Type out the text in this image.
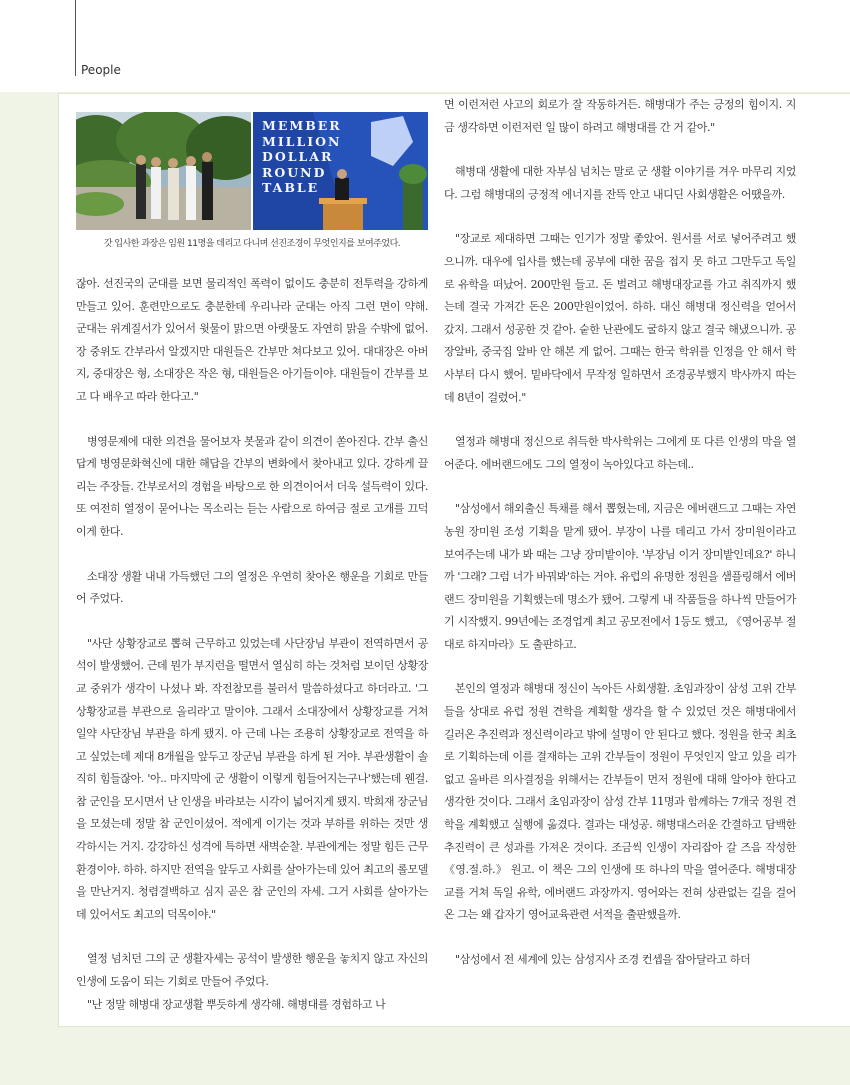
People
MEMBER
MILLION
DOLLAR
ROUND
TABLE
갓 입사한 과장은 임원 11명을 데리고 다니며 선진조경이 무엇인지를 보여주었다.

잖아. 선진국의 군대를 보면 물리적인 폭력이 없이도 충분히 전투력을 강하게 만들고 있어. 훈련만으로도 충분한데 우리나라 군대는 아직 그런 면이 약해. 군대는 위계질서가 있어서 윗물이 맑으면 아랫물도 자연히 맑을 수밖에 없어. 장 중위도 간부라서 알겠지만 대원들은 간부만 쳐다보고 있어. 대대장은 아버지, 중대장은 형, 소대장은 작은 형, 대원들은 아기들이야. 대원들이 간부를 보고 다 배우고 따라 한다고."

병영문제에 대한 의견을 물어보자 봇물과 같이 의견이 쏟아진다. 간부 출신답게 병영문화혁신에 대한 해답을 간부의 변화에서 찾아내고 있다. 강하게 끌리는 주장들. 간부로서의 경험을 바탕으로 한 의견이어서 더욱 설득력이 있다. 또 여전히 열정이 묻어나는 목소리는 듣는 사람으로 하여금 절로 고개를 끄덕이게 한다.

소대장 생활 내내 가득했던 그의 열정은 우연히 찾아온 행운을 기회로 만들어 주었다.

"사단 상황장교로 뽑혀 근무하고 있었는데 사단장님 부관이 전역하면서 공석이 발생했어. 근데 뭔가 부지런을 떨면서 열심히 하는 것처럼 보이던 상황장교 중위가 생각이 나셨나 봐. 작전참모를 불러서 말씀하셨다고 하더라고. '그 상황장교를 부관으로 올리라'고 말이야. 그래서 소대장에서 상황장교를 거쳐 일약 사단장님 부관을 하게 됐지. 아 근데 나는 조용히 상황장교로 전역을 하고 싶었는데 제대 8개월을 앞두고 장군님 부관을 하게 된 거야. 부관생활이 솔직히 힘들잖아. '아.. 마지막에 군 생활이 이렇게 힘들어지는구나'했는데 웬걸. 참 군인을 모시면서 난 인생을 바라보는 시각이 넓어지게 됐지. 박희재 장군님을 모셨는데 정말 참 군인이셨어. 적에게 이기는 것과 부하를 위하는 것만 생각하시는 거지. 강강하신 성격에 특하면 새벽순찰. 부관에게는 정말 힘든 근무환경이야. 하하. 하지만 전역을 앞두고 사회를 살아가는데 있어 최고의 롤모델을 만난거지. 청렴결백하고 심지 곧은 참 군인의 자세. 그거 사회를 살아가는데 있어서도 최고의 덕목이야."

열정 넘치던 그의 군 생활자세는 공석이 발생한 행운을 놓치지 않고 자신의 인생에 도움이 되는 기회로 만들어 주었다.

"난 정말 해병대 장교생활 뿌듯하게 생각해. 해병대를 경험하고 나

면 이런저런 사고의 회로가 잘 작동하거든. 해병대가 주는 긍정의 힘이지. 지금 생각하면 이런저런 일 많이 하려고 해병대를 간 거 같아."

해병대 생활에 대한 자부심 넘치는 말로 군 생활 이야기를 겨우 마무리 지었다. 그럼 해병대의 긍정적 에너지를 잔뜩 안고 내디딘 사회생활은 어땠을까.

"장교로 제대하면 그때는 인기가 정말 좋았어. 원서를 서로 넣어주려고 했으니까. 대우에 입사를 했는데 공부에 대한 꿈을 접지 못 하고 그만두고 독일로 유학을 떠났어. 200만원 들고. 돈 벌려고 해병대장교를 가고 취직까지 했는데 결국 가져간 돈은 200만원이었어. 하하. 대신 해병대 정신력을 얻어서 갔지. 그래서 성공한 것 같아. 숱한 난관에도 굴하지 않고 결국 해냈으니까. 공장알바, 중국집 알바 안 해본 게 없어. 그때는 한국 학위를 인정을 안 해서 학사부터 다시 했어. 밑바닥에서 무작정 일하면서 조경공부했지 박사까지 따는 데 8년이 걸렸어."

열정과 해병대 정신으로 취득한 박사학위는 그에게 또 다른 인생의 막을 열어준다. 에버랜드에도 그의 열정이 녹아있다고 하는데..

"삼성에서 해외출신 특채를 해서 뽑혔는데, 지금은 에버랜드고 그때는 자연농원 장미원 조성 기획을 맡게 됐어. 부장이 나를 데리고 가서 장미원이라고 보여주는데 내가 봐 때는 그냥 장미밭이야. '부장님 이거 장미밭인데요?' 하니까 '그래? 그럼 너가 바꿔봐'하는 거야. 유럽의 유명한 정원을 샘플링해서 에버랜드 장미원을 기획했는데 명소가 됐어. 그렇게 내 작품들을 하나씩 만들어가기 시작했지. 99년에는 조경업계 최고 공모전에서 1등도 했고, 《영어공부 절대로 하지마라》도 출판하고.

본인의 열정과 해병대 정신이 녹아든 사회생활. 초임과장이 삼성 고위 간부들을 상대로 유럽 정원 견학을 계획할 생각을 할 수 있었던 것은 해병대에서 길러온 추진력과 정신력이라고 밖에 설명이 안 된다고 했다. 정원을 한국 최초로 기획하는데 이를 결재하는 고위 간부들이 정원이 무엇인지 알고 있을 리가 없고 올바른 의사결정을 위해서는 간부들이 먼저 정원에 대해 알아야 한다고 생각한 것이다. 그래서 초임과장이 삼성 간부 11명과 함께하는 7개국 정원 견학을 계획했고 실행에 옮겼다. 결과는 대성공. 해병대스러운 간결하고 담백한 추진력이 큰 성과를 가져온 것이다. 조금씩 인생이 자리잡아 갈 즈음 작성한 《영.절.하.》 원고. 이 책은 그의 인생에 또 하나의 막을 열어준다. 해병대장교를 거쳐 독일 유학, 에버랜드 과장까지. 영어와는 전혀 상관없는 길을 걸어온 그는 왜 갑자기 영어교육관련 서적을 출판했을까.

"삼성에서 전 세계에 있는 삼성지사 조경 컨셉을 잡아달라고 하더
